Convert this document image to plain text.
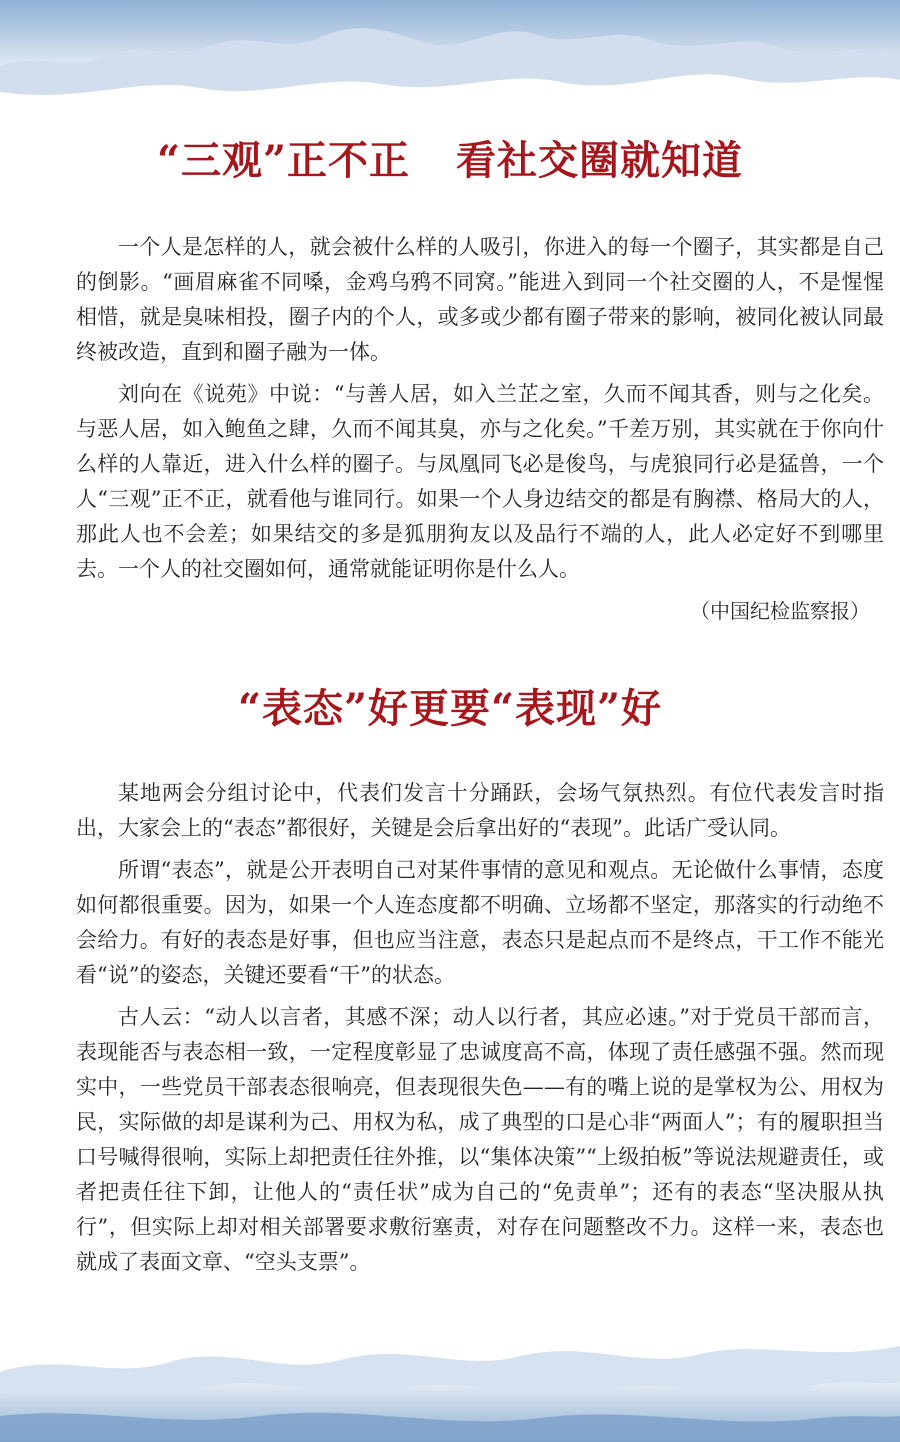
“三观”正不正 看社交圈就知道

一个人是怎样的人，就会被什么样的人吸引，你进入的每一个圈子，其实都是自己的倒影。“画眉麻雀不同嗓，金鸡乌鸦不同窝。”能进入到同一个社交圈的人，不是惺惺相惜，就是臭味相投，圈子内的个人，或多或少都有圈子带来的影响，被同化被认同最终被改造，直到和圈子融为一体。

刘向在《说苑》中说：“与善人居，如入兰芷之室，久而不闻其香，则与之化矣。与恶人居，如入鲍鱼之肆，久而不闻其臭，亦与之化矣。”千差万别，其实就在于你向什么样的人靠近，进入什么样的圈子。与凤凰同飞必是俊鸟，与虎狼同行必是猛兽，一个人“三观”正不正，就看他与谁同行。如果一个人身边结交的都是有胸襟、格局大的人，那此人也不会差；如果结交的多是狐朋狗友以及品行不端的人，此人必定好不到哪里去。一个人的社交圈如何，通常就能证明你是什么人。

（中国纪检监察报）

“表态”好更要“表现”好

某地两会分组讨论中，代表们发言十分踊跃，会场气氛热烈。有位代表发言时指出，大家会上的“表态”都很好，关键是会后拿出好的“表现”。此话广受认同。

所谓“表态”，就是公开表明自己对某件事情的意见和观点。无论做什么事情，态度如何都很重要。因为，如果一个人连态度都不明确、立场都不坚定，那落实的行动绝不会给力。有好的表态是好事，但也应当注意，表态只是起点而不是终点，干工作不能光看“说”的姿态，关键还要看“干”的状态。

古人云：“动人以言者，其感不深；动人以行者，其应必速。”对于党员干部而言，表现能否与表态相一致，一定程度彰显了忠诚度高不高，体现了责任感强不强。然而现实中，一些党员干部表态很响亮，但表现很失色——有的嘴上说的是掌权为公、用权为民，实际做的却是谋利为己、用权为私，成了典型的口是心非“两面人”；有的履职担当口号喊得很响，实际上却把责任往外推，以“集体决策”“上级拍板”等说法规避责任，或者把责任往下卸，让他人的“责任状”成为自己的“免责单”；还有的表态“坚决服从执行”，但实际上却对相关部署要求敷衍塞责，对存在问题整改不力。这样一来，表态也就成了表面文章、“空头支票”。
